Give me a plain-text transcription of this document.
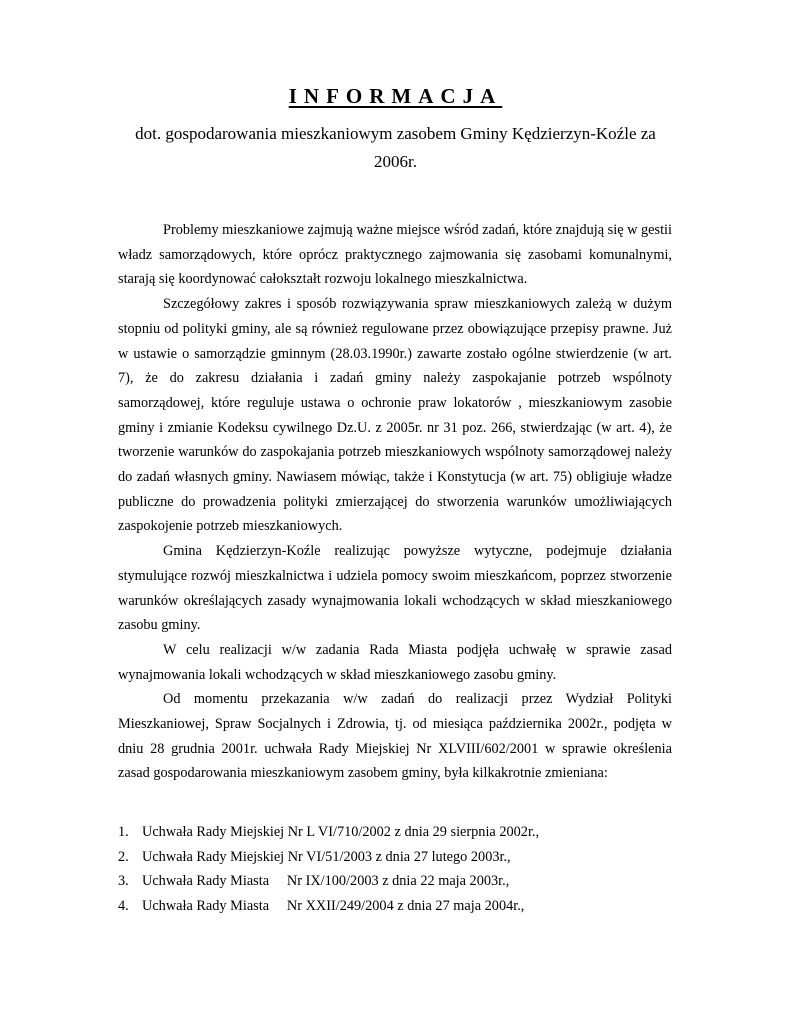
INFORMACJA
dot. gospodarowania mieszkaniowym zasobem Gminy Kędzierzyn-Koźle za
2006r.

Problemy mieszkaniowe zajmują ważne miejsce wśród zadań, które znajdują się w gestii władz samorządowych, które oprócz praktycznego zajmowania się zasobami komunalnymi, starają się koordynować całokształt rozwoju lokalnego mieszkalnictwa.

Szczegółowy zakres i sposób rozwiązywania spraw mieszkaniowych zależą w dużym stopniu od polityki gminy, ale są również regulowane przez obowiązujące przepisy prawne. Już w ustawie o samorządzie gminnym (28.03.1990r.) zawarte zostało ogólne stwierdzenie (w art. 7), że do zakresu działania i zadań gminy należy zaspokajanie potrzeb wspólnoty samorządowej, które reguluje ustawa o ochronie praw lokatorów , mieszkaniowym zasobie gminy i zmianie Kodeksu cywilnego Dz.U. z 2005r. nr 31 poz. 266, stwierdzając (w art. 4), że tworzenie warunków do zaspokajania potrzeb mieszkaniowych wspólnoty samorządowej należy do zadań własnych gminy. Nawiasem mówiąc, także i Konstytucja (w art. 75) obligiuje władze publiczne do prowadzenia polityki zmierzającej do stworzenia warunków umożliwiających zaspokojenie potrzeb mieszkaniowych.

Gmina Kędzierzyn-Koźle realizując powyższe wytyczne, podejmuje działania stymulujące rozwój mieszkalnictwa i udziela pomocy swoim mieszkańcom, poprzez stworzenie warunków określających zasady wynajmowania lokali wchodzących w skład mieszkaniowego zasobu gminy.

W celu realizacji w/w zadania Rada Miasta podjęła uchwałę w sprawie zasad wynajmowania lokali wchodzących w skład mieszkaniowego zasobu gminy.

Od momentu przekazania w/w zadań do realizacji przez Wydział Polityki Mieszkaniowej, Spraw Socjalnych i Zdrowia, tj. od miesiąca października 2002r., podjęta w dniu 28 grudnia 2001r. uchwała Rady Miejskiej Nr XLVIII/602/2001 w sprawie określenia zasad gospodarowania mieszkaniowym zasobem gminy, była kilkakrotnie zmieniana:

1. Uchwała Rady Miejskiej Nr L VI/710/2002 z dnia 29 sierpnia 2002r.,
2. Uchwała Rady Miejskiej Nr VI/51/2003 z dnia 27 lutego 2003r.,
3. Uchwała Rady Miasta     Nr IX/100/2003 z dnia 22 maja 2003r.,
4. Uchwała Rady Miasta     Nr XXII/249/2004 z dnia 27 maja 2004r.,
